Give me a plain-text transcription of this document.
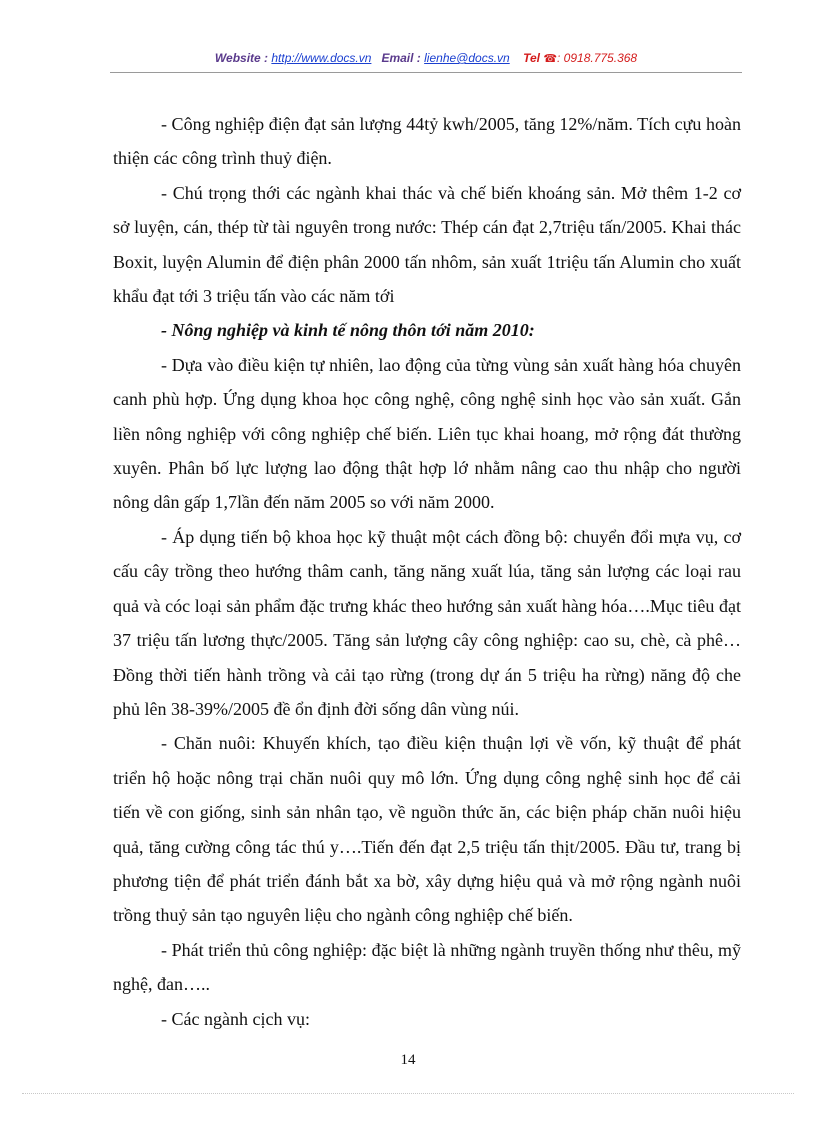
Website : http://www.docs.vn Email : lienhe@docs.vn Tel ☎: 0918.775.368

- Công nghiệp điện đạt sản lượng 44tỷ kwh/2005, tăng 12%/năm. Tích cựu hoàn thiện các công trình thuỷ điện.

- Chú trọng thới các ngành khai thác và chế biến khoáng sản. Mở thêm 1-2 cơ sở luyện, cán, thép từ tài nguyên trong nước: Thép cán đạt 2,7triệu tấn/2005. Khai thác Boxit, luyện Alumin để điện phân 2000 tấn nhôm, sản xuất 1triệu tấn Alumin cho xuất khẩu đạt tới 3 triệu tấn vào các năm tới

- Nông nghiệp và kinh tế nông thôn tới năm 2010:

- Dựa vào điều kiện tự nhiên, lao động của từng vùng sản xuất hàng hóa chuyên canh phù hợp. Ứng dụng khoa học công nghệ, công nghệ sinh học vào sản xuất. Gắn liền nông nghiệp với công nghiệp chế biến. Liên tục khai hoang, mở rộng đát thường xuyên. Phân bố lực lượng lao động thật hợp lớ nhằm nâng cao thu nhập cho người nông dân gấp 1,7lần đến năm 2005 so với năm 2000.

- Áp dụng tiến bộ khoa học kỹ thuật một cách đồng bộ: chuyển đổi mựa vụ, cơ cấu cây trồng theo hướng thâm canh, tăng năng xuất lúa, tăng sản lượng các loại rau quả và cóc loại sản phẩm đặc trưng khác theo hướng sản xuất hàng hóa….Mục tiêu đạt 37 triệu tấn lương thực/2005. Tăng sản lượng cây công nghiệp: cao su, chè, cà phê…Đồng thời tiến hành trồng và cải tạo rừng (trong dự án 5 triệu ha rừng) năng độ che phủ lên 38-39%/2005 đề ổn định đời sống dân vùng núi.

- Chăn nuôi: Khuyến khích, tạo điều kiện thuận lợi về vốn, kỹ thuật để phát triển hộ hoặc nông trại chăn nuôi quy mô lớn. Ứng dụng công nghệ sinh học để cải tiến về con giống, sinh sản nhân tạo, về nguồn thức ăn, các biện pháp chăn nuôi hiệu quả, tăng cường công tác thú y….Tiến đến đạt 2,5 triệu tấn thịt/2005. Đầu tư, trang bị phương tiện để phát triển đánh bắt xa bờ, xây dựng hiệu quả và mở rộng ngành nuôi trồng thuỷ sản tạo nguyên liệu cho ngành công nghiệp chế biến.

- Phát triển thủ công nghiệp: đặc biệt là những ngành truyền thống như thêu, mỹ nghệ, đan…..

- Các ngành cịch vụ:

14
